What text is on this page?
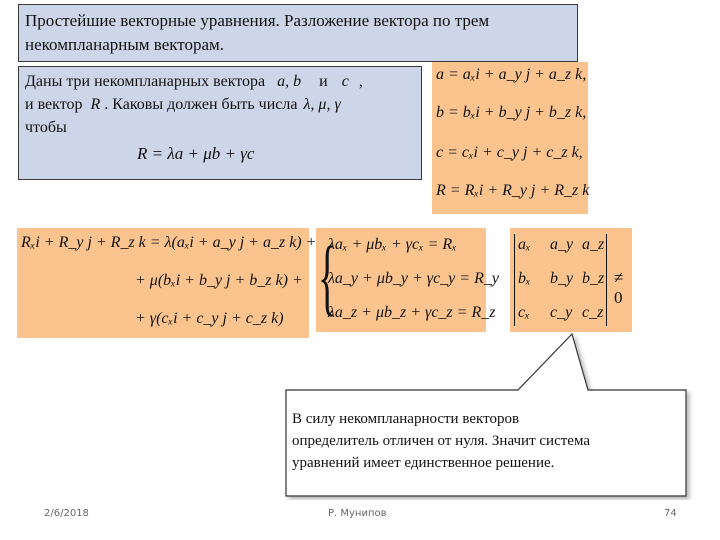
Простейшие векторные уравнения. Разложение вектора по трем
некомпланарным векторам.
Даны три некомпланарных вектора a, b и c ,
и вектор R . Каковы должен быть числа λ, μ, γ
чтобы
R = λa + μb + γc
a = aₓi + a_y j + a_z k,
b = bₓi + b_y j + b_z k,
c = cₓi + c_y j + c_z k,
R = Rₓi + R_y j + R_z k
Rₓi + R_y j + R_z k = λ(aₓi + a_y j + a_z k) +
+ μ(bₓi + b_y j + b_z k) +
+ γ(cₓi + c_y j + c_z k) {
λaₓ + μbₓ + γcₓ = Rₓ
λa_y + μb_y + γc_y = R_y
λa_z + μb_z + γc_z = R_z
aₓ a_y a_z
bₓ b_y b_z
cₓ c_y c_z
≠ 0
В силу некомпланарности векторов
определитель отличен от нуля. Значит система
уравнений имеет единственное решение.
2/6/2018	Р. Мунипов	74
